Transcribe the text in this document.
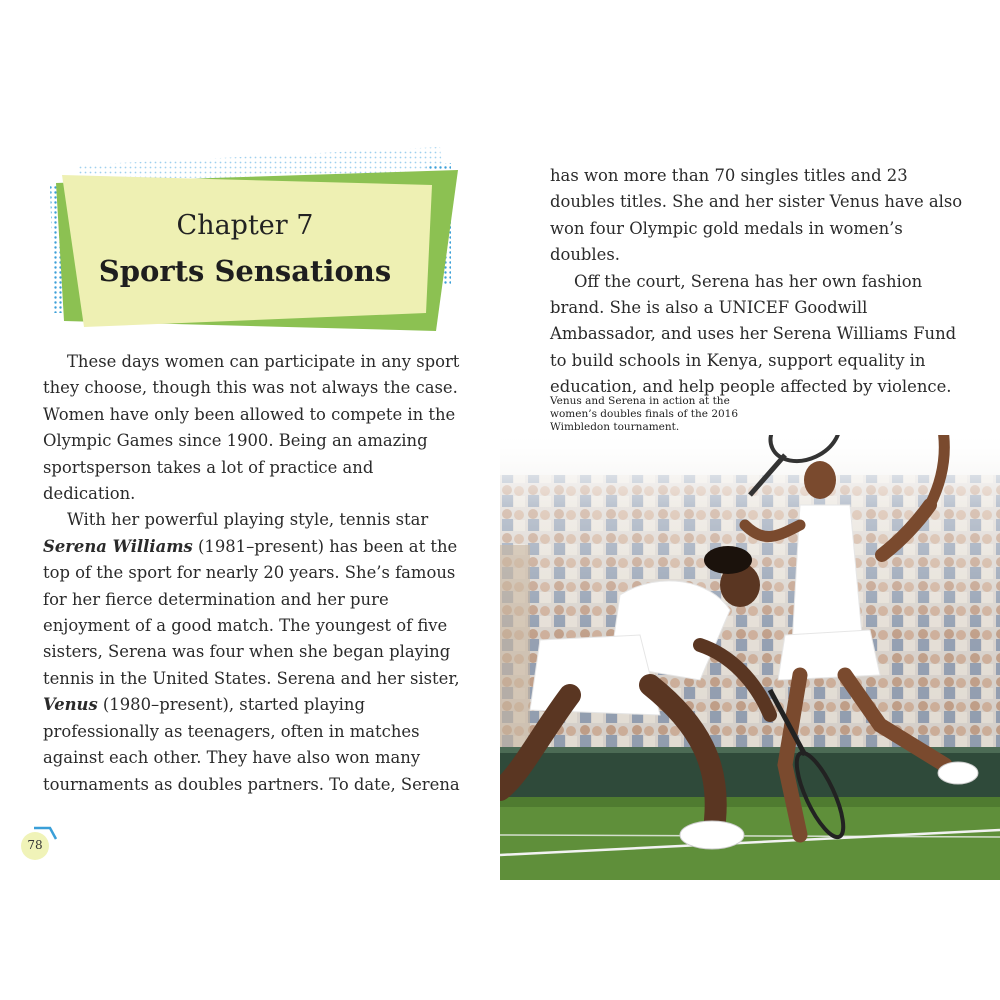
Chapter 7
Sports Sensations

These days women can participate in any sport they choose, though this was not always the case. Women have only been allowed to compete in the Olympic Games since 1900. Being an amazing sportsperson takes a lot of practice and dedication.

With her powerful playing style, tennis star Serena Williams (1981–present) has been at the top of the sport for nearly 20 years. She’s famous for her fierce determination and her pure enjoyment of a good match. The youngest of five sisters, Serena was four when she began playing tennis in the United States. Serena and her sister, Venus (1980–present), started playing professionally as teenagers, often in matches against each other. They have also won many tournaments as doubles partners. To date, Serena

78

has won more than 70 singles titles and 23 doubles titles. She and her sister Venus have also won four Olympic gold medals in women’s doubles.

Off the court, Serena has her own fashion brand. She is also a UNICEF Goodwill Ambassador, and uses her Serena Williams Fund to build schools in Kenya, support equality in education, and help people affected by violence.

Venus and Serena in action at the women’s doubles finals of the 2016 Wimbledon tournament.
